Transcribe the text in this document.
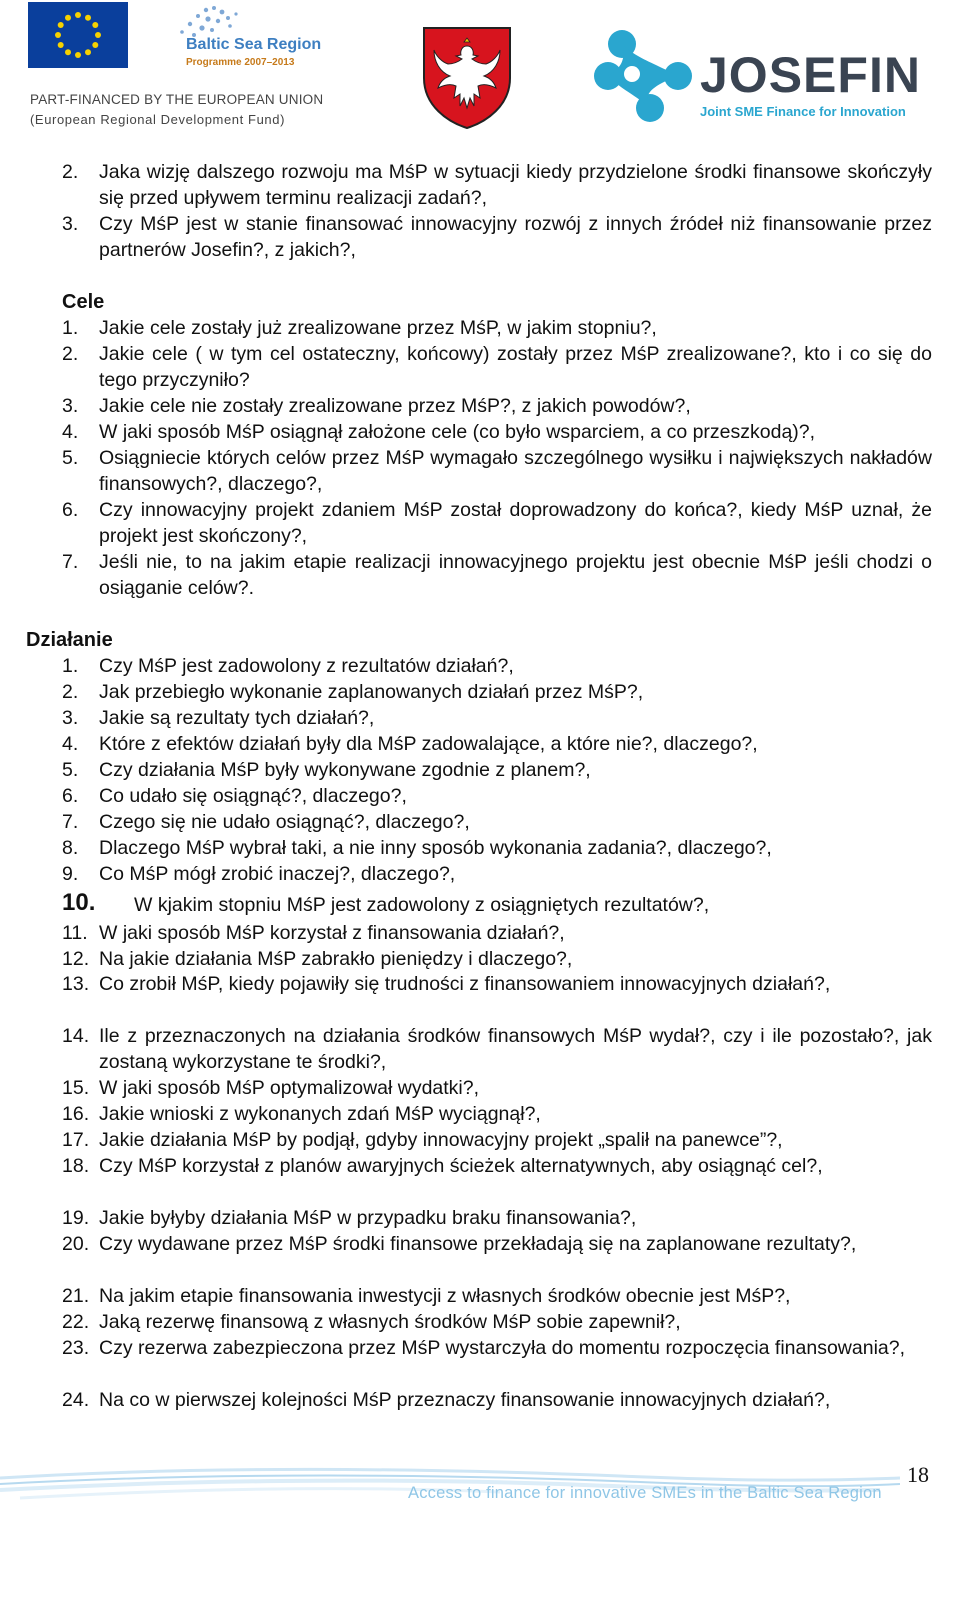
Baltic Sea Region
Programme 2007–2013
PART-FINANCED BY THE EUROPEAN UNION
(European Regional Development Fund)
JOSEFIN
Joint SME Finance for Innovation
2. Jaka wizję dalszego rozwoju ma MśP w sytuacji kiedy przydzielone środki finansowe skończyły się przed upływem terminu realizacji zadań?,
3. Czy MśP jest w stanie finansować innowacyjny rozwój z innych źródeł niż finansowanie przez partnerów Josefin?, z jakich?,
Cele
1. Jakie cele zostały już zrealizowane przez MśP, w jakim stopniu?,
2. Jakie cele ( w tym cel ostateczny, końcowy) zostały przez MśP zrealizowane?, kto i co się do tego przyczyniło?
3. Jakie cele nie zostały zrealizowane przez MśP?, z jakich powodów?,
4. W jaki sposób MśP osiągnął założone cele (co było wsparciem, a co przeszkodą)?,
5. Osiągniecie których celów przez MśP wymagało szczególnego wysiłku i największych nakładów finansowych?, dlaczego?,
6. Czy innowacyjny projekt zdaniem MśP został doprowadzony do końca?, kiedy MśP uznał, że projekt jest skończony?,
7. Jeśli nie, to na jakim etapie realizacji innowacyjnego projektu jest obecnie MśP jeśli chodzi o osiąganie celów?.
Działanie
1. Czy MśP jest zadowolony z rezultatów działań?,
2. Jak przebiegło wykonanie zaplanowanych działań przez MśP?,
3. Jakie są rezultaty tych działań?,
4. Które z efektów działań były dla MśP zadowalające, a które nie?, dlaczego?,
5. Czy działania MśP były wykonywane zgodnie z planem?,
6. Co udało się osiągnąć?, dlaczego?,
7. Czego się nie udało osiągnąć?, dlaczego?,
8. Dlaczego MśP wybrał taki, a nie inny sposób wykonania zadania?, dlaczego?,
9. Co MśP mógł zrobić inaczej?, dlaczego?,
10. W kjakim stopniu MśP jest zadowolony z osiągniętych rezultatów?,
11. W jaki sposób MśP korzystał z finansowania działań?,
12. Na jakie działania MśP zabrakło pieniędzy i dlaczego?,
13. Co zrobił MśP, kiedy pojawiły się trudności z finansowaniem innowacyjnych działań?,
14. Ile z przeznaczonych na działania środków finansowych MśP wydał?, czy i ile pozostało?, jak zostaną wykorzystane te środki?,
15. W jaki sposób MśP optymalizował wydatki?,
16. Jakie wnioski z wykonanych zdań MśP wyciągnął?,
17. Jakie działania MśP by podjął, gdyby innowacyjny projekt „spalił na panewce”?,
18. Czy MśP korzystał z planów awaryjnych ścieżek alternatywnych, aby osiągnąć cel?,
19. Jakie byłyby działania MśP w przypadku braku finansowania?,
20. Czy wydawane przez MśP środki finansowe przekładają się na zaplanowane rezultaty?,
21. Na jakim etapie finansowania inwestycji z własnych środków obecnie jest MśP?,
22. Jaką rezerwę finansową z własnych środków MśP sobie zapewnił?,
23. Czy rezerwa zabezpieczona przez MśP wystarczyła do momentu rozpoczęcia finansowania?,
24. Na co w pierwszej kolejności MśP przeznaczy finansowanie innowacyjnych działań?,
Access to finance for innovative SMEs in the Baltic Sea Region
18
